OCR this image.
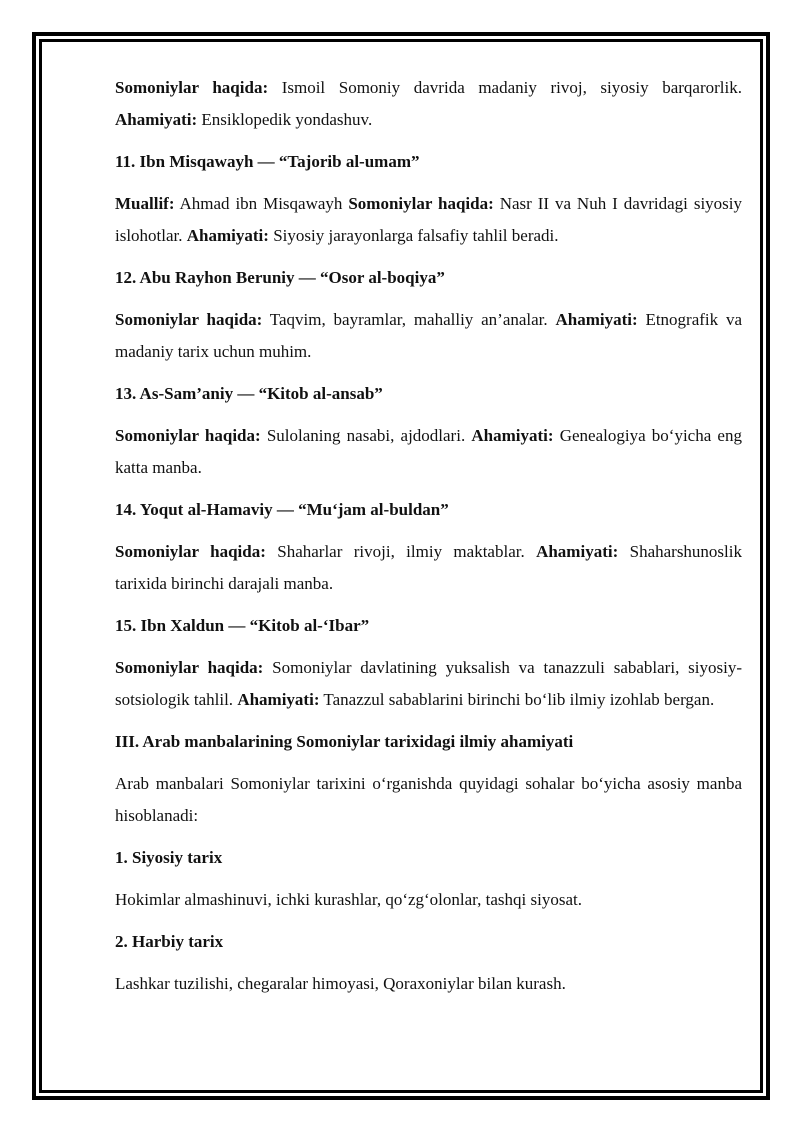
Somoniylar haqida: Ismoil Somoniy davrida madaniy rivoj, siyosiy barqarorlik. Ahamiyati: Ensiklopedik yondashuv.

11. Ibn Misqawayh — “Tajorib al-umam”

Muallif: Ahmad ibn Misqawayh Somoniylar haqida: Nasr II va Nuh I davridagi siyosiy islohotlar. Ahamiyati: Siyosiy jarayonlarga falsafiy tahlil beradi.

12. Abu Rayhon Beruniy — “Osor al-boqiya”

Somoniylar haqida: Taqvim, bayramlar, mahalliy an’analar. Ahamiyati: Etnografik va madaniy tarix uchun muhim.

13. As-Sam’aniy — “Kitob al-ansab”

Somoniylar haqida: Sulolaning nasabi, ajdodlari. Ahamiyati: Genealogiya bo‘yicha eng katta manba.

14. Yoqut al-Hamaviy — “Mu‘jam al-buldan”

Somoniylar haqida: Shaharlar rivoji, ilmiy maktablar. Ahamiyati: Shaharshunoslik tarixida birinchi darajali manba.

15. Ibn Xaldun — “Kitob al-‘Ibar”

Somoniylar haqida: Somoniylar davlatining yuksalish va tanazzuli sabablari, siyosiy-sotsiologik tahlil. Ahamiyati: Tanazzul sabablarini birinchi bo‘lib ilmiy izohlab bergan.

III. Arab manbalarining Somoniylar tarixidagi ilmiy ahamiyati

Arab manbalari Somoniylar tarixini o‘rganishda quyidagi sohalar bo‘yicha asosiy manba hisoblanadi:

1. Siyosiy tarix

Hokimlar almashinuvi, ichki kurashlar, qo‘zg‘olonlar, tashqi siyosat.

2. Harbiy tarix

Lashkar tuzilishi, chegaralar himoyasi, Qoraxoniylar bilan kurash.
